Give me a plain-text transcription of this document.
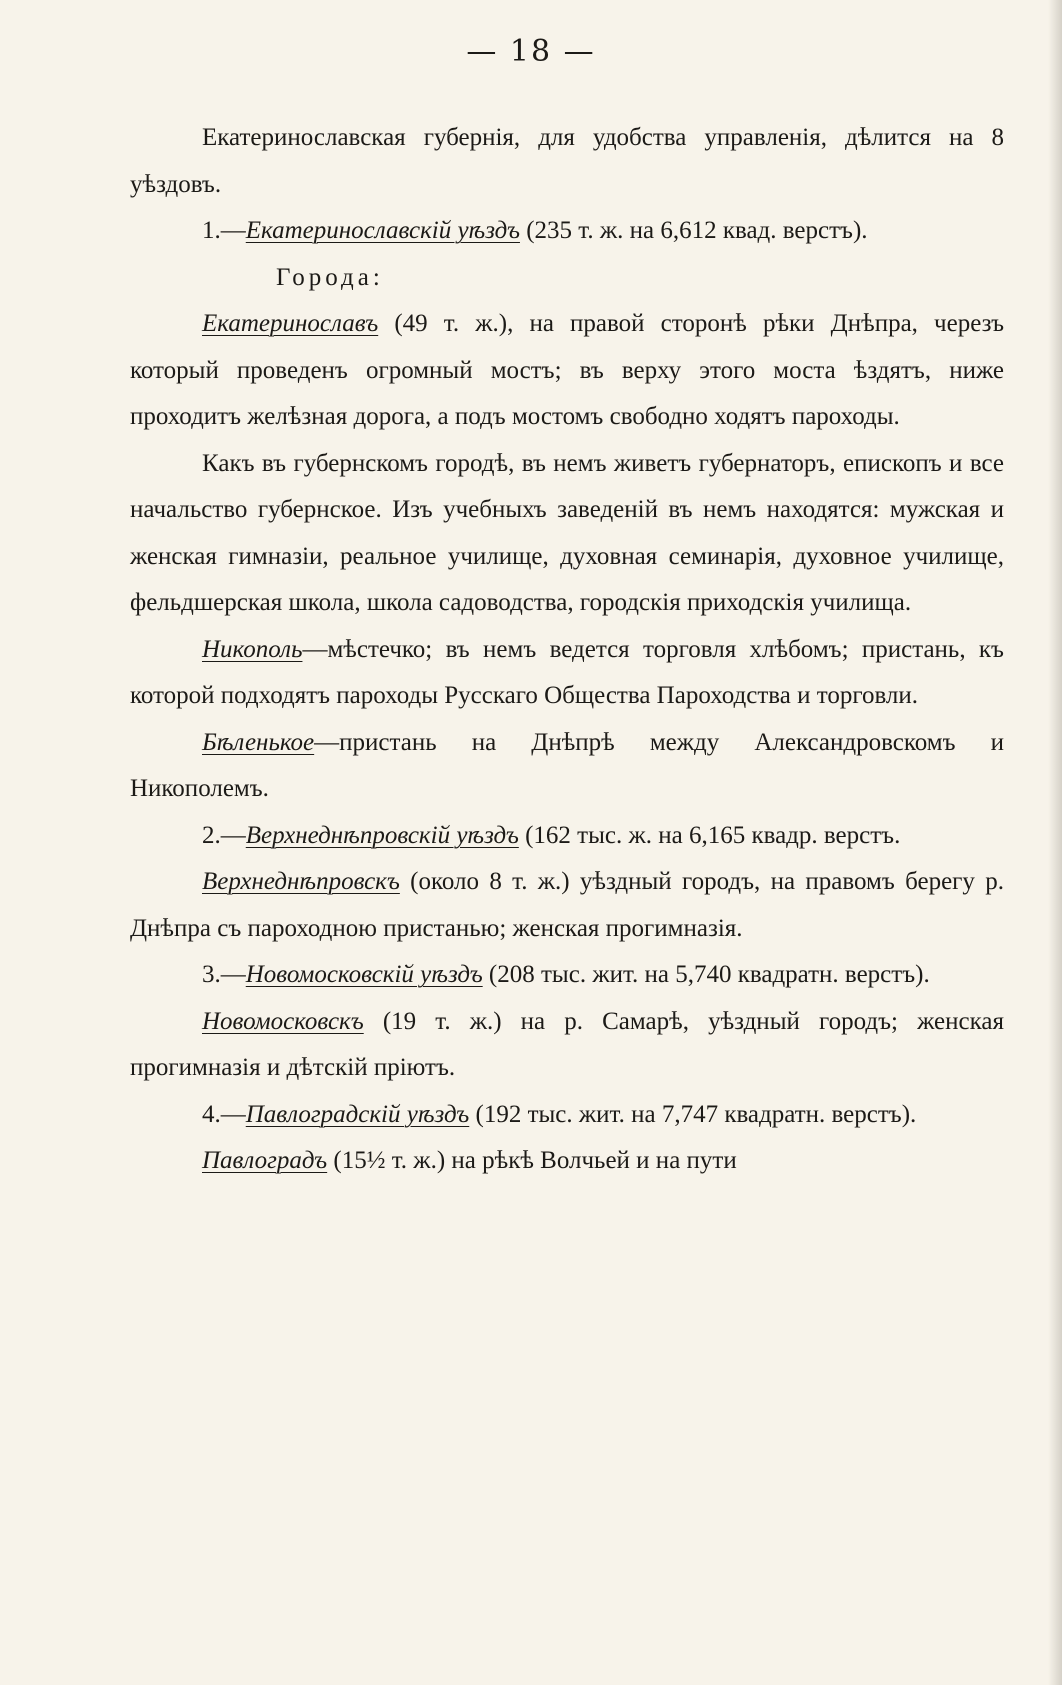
— 18 —

Екатеринославская губернія, для удобства управленія, дѣлится на 8 уѣздовъ.

1.—Екатеринославскій уѣздъ (235 т. ж. на 6,612 квад. верстъ).

Города:

Екатеринославъ (49 т. ж.), на правой сторонѣ рѣки Днѣпра, черезъ который проведенъ огромный мостъ; въ верху этого моста ѣздятъ, ниже проходитъ желѣзная дорога, а подъ мостомъ свободно ходятъ пароходы.

Какъ въ губернскомъ городѣ, въ немъ живетъ губернаторъ, епископъ и все начальство губернское. Изъ учебныхъ заведеній въ немъ находятся: мужская и женская гимназіи, реальное училище, духовная семинарія, духовное училище, фельдшерская школа, школа садоводства, городскія приходскія училища.

Никополь—мѣстечко; въ немъ ведется торговля хлѣбомъ; пристань, къ которой подходятъ пароходы Русскаго Общества Пароходства и торговли.

Бѣленькое—пристань на Днѣпрѣ между Александровскомъ и Никополемъ.

2.—Верхнеднѣпровскій уѣздъ (162 тыс. ж. на 6,165 квадр. верстъ.

Верхнеднѣпровскъ (около 8 т. ж.) уѣздный городъ, на правомъ берегу р. Днѣпра съ пароходною пристанью; женская прогимназія.

3.—Новомосковскій уѣздъ (208 тыс. жит. на 5,740 квадратн. верстъ).

Новомосковскъ (19 т. ж.) на р. Самарѣ, уѣздный городъ; женская прогимназія и дѣтскій пріютъ.

4.—Павлоградскій уѣздъ (192 тыс. жит. на 7,747 квадратн. верстъ).

Павлоградъ (15½ т. ж.) на рѣкѣ Волчьей и на пути
